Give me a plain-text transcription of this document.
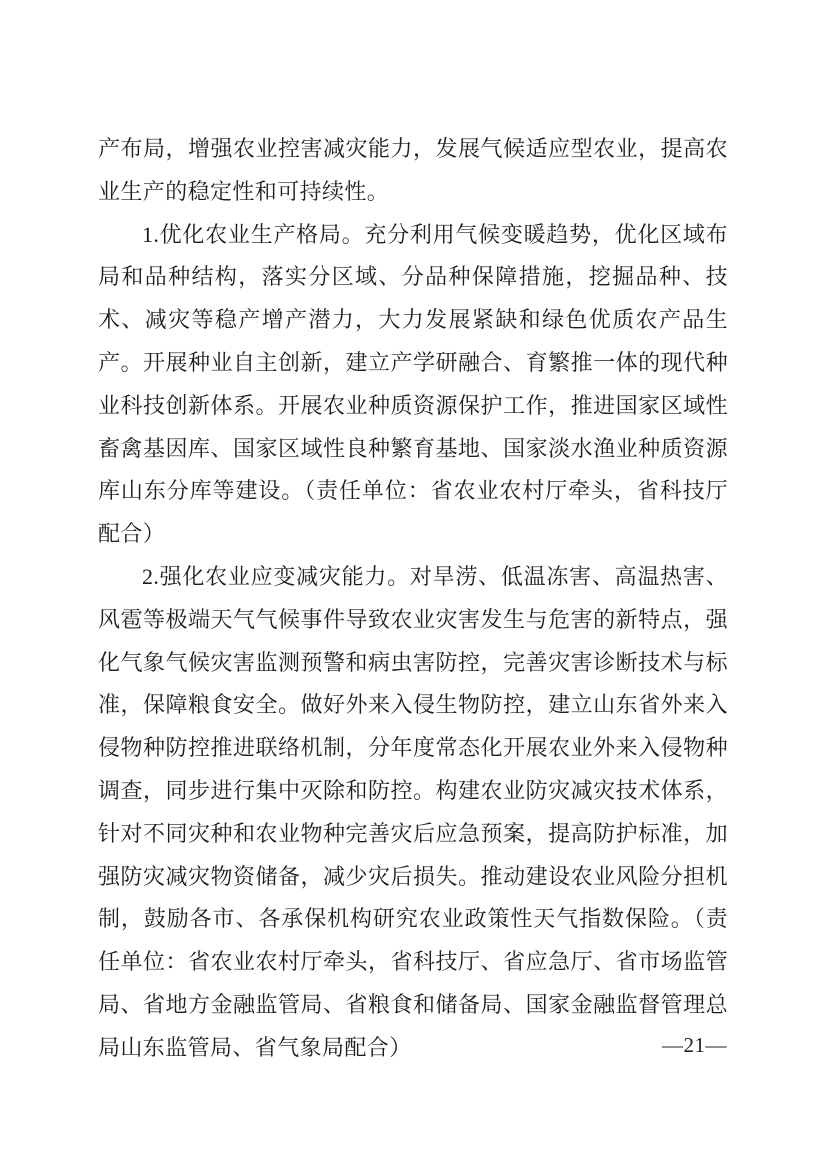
产布局，增强农业控害减灾能力，发展气候适应型农业，提高农业生产的稳定性和可持续性。

1.优化农业生产格局。充分利用气候变暖趋势，优化区域布局和品种结构，落实分区域、分品种保障措施，挖掘品种、技术、减灾等稳产增产潜力，大力发展紧缺和绿色优质农产品生产。开展种业自主创新，建立产学研融合、育繁推一体的现代种业科技创新体系。开展农业种质资源保护工作，推进国家区域性畜禽基因库、国家区域性良种繁育基地、国家淡水渔业种质资源库山东分库等建设。（责任单位：省农业农村厅牵头，省科技厅配合）

2.强化农业应变减灾能力。对旱涝、低温冻害、高温热害、风雹等极端天气气候事件导致农业灾害发生与危害的新特点，强化气象气候灾害监测预警和病虫害防控，完善灾害诊断技术与标准，保障粮食安全。做好外来入侵生物防控，建立山东省外来入侵物种防控推进联络机制，分年度常态化开展农业外来入侵物种调查，同步进行集中灭除和防控。构建农业防灾减灾技术体系，针对不同灾种和农业物种完善灾后应急预案，提高防护标准，加强防灾减灾物资储备，减少灾后损失。推动建设农业风险分担机制，鼓励各市、各承保机构研究农业政策性天气指数保险。（责任单位：省农业农村厅牵头，省科技厅、省应急厅、省市场监管局、省地方金融监管局、省粮食和储备局、国家金融监督管理总局山东监管局、省气象局配合）	—21—
